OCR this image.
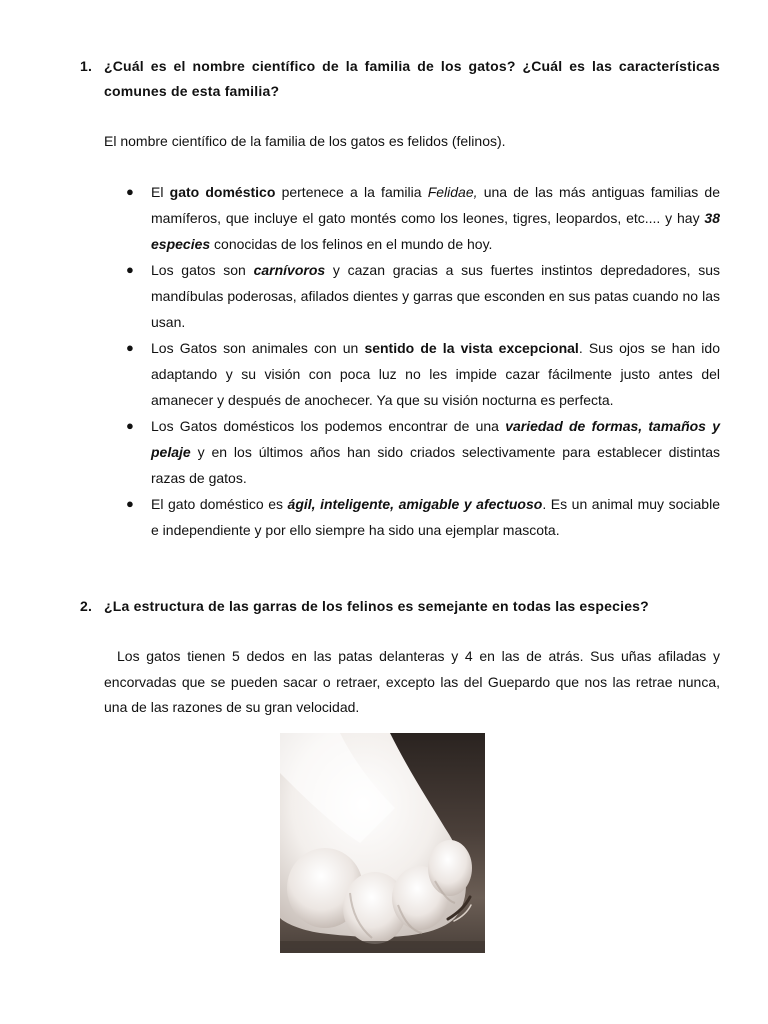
1. ¿Cuál es el nombre científico de la familia de los gatos? ¿Cuál es las características comunes de esta familia?
El nombre científico de la familia de los gatos es felidos (felinos).
● El gato doméstico pertenece a la familia Felidae, una de las más antiguas familias de mamíferos, que incluye el gato montés como los leones, tigres, leopardos, etc.... y hay 38 especies conocidas de los felinos en el mundo de hoy.
● Los gatos son carnívoros y cazan gracias a sus fuertes instintos depredadores, sus mandíbulas poderosas, afilados dientes y garras que esconden en sus patas cuando no las usan.
● Los Gatos son animales con un sentido de la vista excepcional. Sus ojos se han ido adaptando y su visión con poca luz no les impide cazar fácilmente justo antes del amanecer y después de anochecer. Ya que su visión nocturna es perfecta.
● Los Gatos domésticos los podemos encontrar de una variedad de formas, tamaños y pelaje y en los últimos años han sido criados selectivamente para establecer distintas razas de gatos.
● El gato doméstico es ágil, inteligente, amigable y afectuoso. Es un animal muy sociable e independiente y por ello siempre ha sido una ejemplar mascota.
2. ¿La estructura de las garras de los felinos es semejante en todas las especies?
Los gatos tienen 5 dedos en las patas delanteras y 4 en las de atrás. Sus uñas afiladas y encorvadas que se pueden sacar o retraer, excepto las del Guepardo que nos las retrae nunca, una de las razones de su gran velocidad.
